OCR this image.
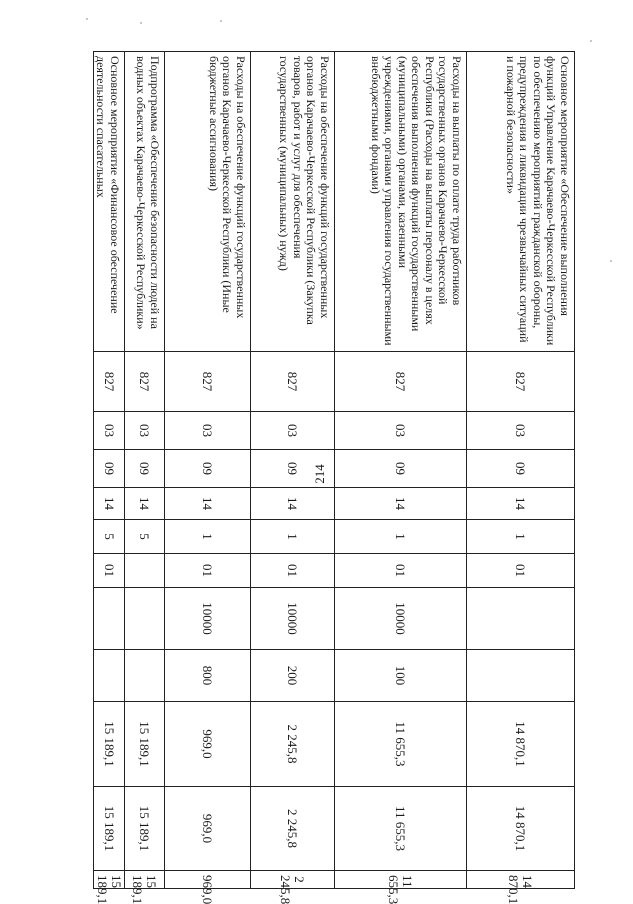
214
Основное мероприятие «Обеспечение выполнения функций Управление Карачаево-Черкесской Республики по обеспечению мероприятий гражданской обороны, предупреждения и ликвидации чрезвычайных ситуаций и пожарной безопасности»	827	03	09	14	1	01			14 870,1	14 870,1	14 870,1
Расходы на выплаты по оплате труда работников государственных органов Карачаево-Черкесской Республики (Расходы на выплаты персоналу в целях обеспечения выполнения функций государственными (муниципальными) органами, казенными учреждениями, органами управления государственными внебюджетными фондами)	827	03	09	14	1	01	10000	100	11 655,3	11 655,3	11 655,3
Расходы на обеспечение функций государственных органов Карачаево-Черкесской Республики (Закупка товаров, работ и услуг для обеспечения государственных (муниципальных) нужд)	827	03	09	14	1	01	10000	200	2 245,8	2 245,8	2 245,8
Расходы на обеспечение функций государственных органов Карачаево-Черкесской Республики (Иные бюджетные ассигнования)	827	03	09	14	1	01	10000	800	969,0	969,0	969,0
Подпрограмма «Обеспечение безопасности людей на водных объектах Карачаево-Черкесской Республики»	827	03	09	14	5				15 189,1	15 189,1	15 189,1
Основное мероприятие «Финансовое обеспечение деятельности спасательных	827	03	09	14	5	01			15 189,1	15 189,1	15 189,1
